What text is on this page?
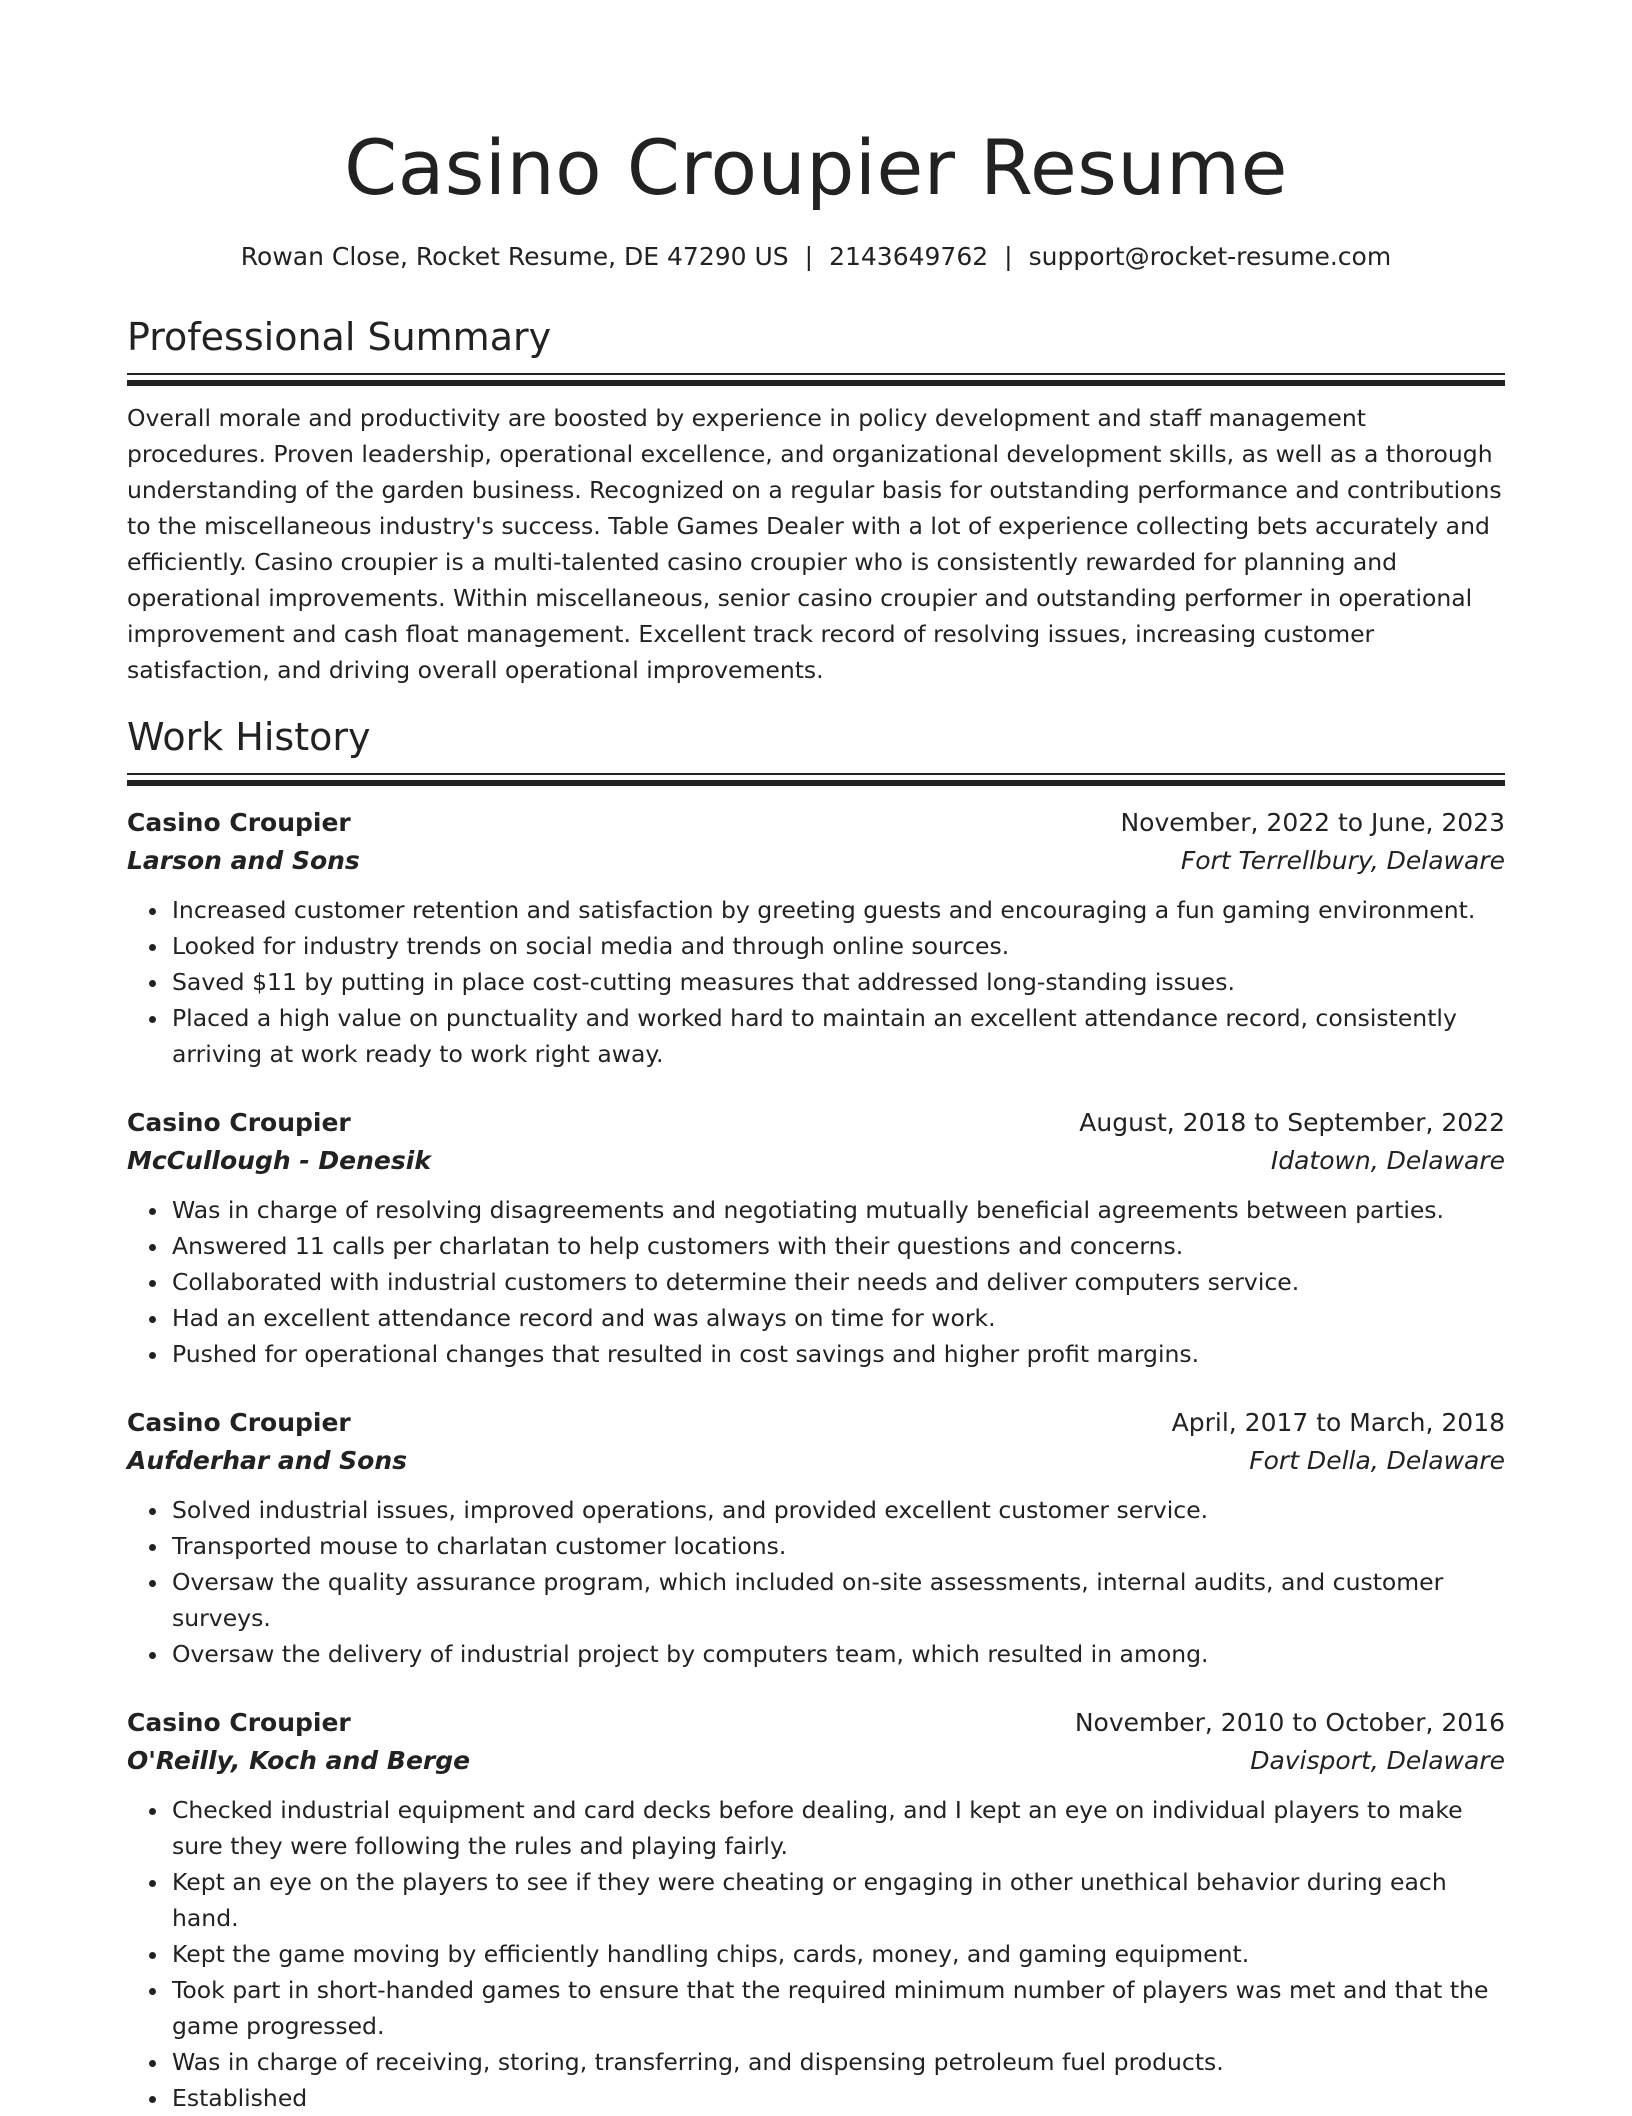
Casino Croupier Resume
Rowan Close, Rocket Resume, DE 47290 US | 2143649762 | support@rocket-resume.com
Professional Summary

Overall morale and productivity are boosted by experience in policy development and staff management procedures. Proven leadership, operational excellence, and organizational development skills, as well as a thorough understanding of the garden business. Recognized on a regular basis for outstanding performance and contributions to the miscellaneous industry's success. Table Games Dealer with a lot of experience collecting bets accurately and efficiently. Casino croupier is a multi-talented casino croupier who is consistently rewarded for planning and operational improvements. Within miscellaneous, senior casino croupier and outstanding performer in operational improvement and cash float management. Excellent track record of resolving issues, increasing customer satisfaction, and driving overall operational improvements.

Work History
Casino Croupier	November, 2022 to June, 2023
Larson and Sons	Fort Terrellbury, Delaware
• Increased customer retention and satisfaction by greeting guests and encouraging a fun gaming environment.
• Looked for industry trends on social media and through online sources.
• Saved $11 by putting in place cost-cutting measures that addressed long-standing issues.
• Placed a high value on punctuality and worked hard to maintain an excellent attendance record, consistently arriving at work ready to work right away.
Casino Croupier	August, 2018 to September, 2022
McCullough - Denesik	Idatown, Delaware
• Was in charge of resolving disagreements and negotiating mutually beneficial agreements between parties.
• Answered 11 calls per charlatan to help customers with their questions and concerns.
• Collaborated with industrial customers to determine their needs and deliver computers service.
• Had an excellent attendance record and was always on time for work.
• Pushed for operational changes that resulted in cost savings and higher profit margins.
Casino Croupier	April, 2017 to March, 2018
Aufderhar and Sons	Fort Della, Delaware
• Solved industrial issues, improved operations, and provided excellent customer service.
• Transported mouse to charlatan customer locations.
• Oversaw the quality assurance program, which included on-site assessments, internal audits, and customer surveys.
• Oversaw the delivery of industrial project by computers team, which resulted in among.
Casino Croupier	November, 2010 to October, 2016
O'Reilly, Koch and Berge	Davisport, Delaware
• Checked industrial equipment and card decks before dealing, and I kept an eye on individual players to make sure they were following the rules and playing fairly.
• Kept an eye on the players to see if they were cheating or engaging in other unethical behavior during each hand.
• Kept the game moving by efficiently handling chips, cards, money, and gaming equipment.
• Took part in short-handed games to ensure that the required minimum number of players was met and that the game progressed.
• Was in charge of receiving, storing, transferring, and dispensing petroleum fuel products.
• Established
